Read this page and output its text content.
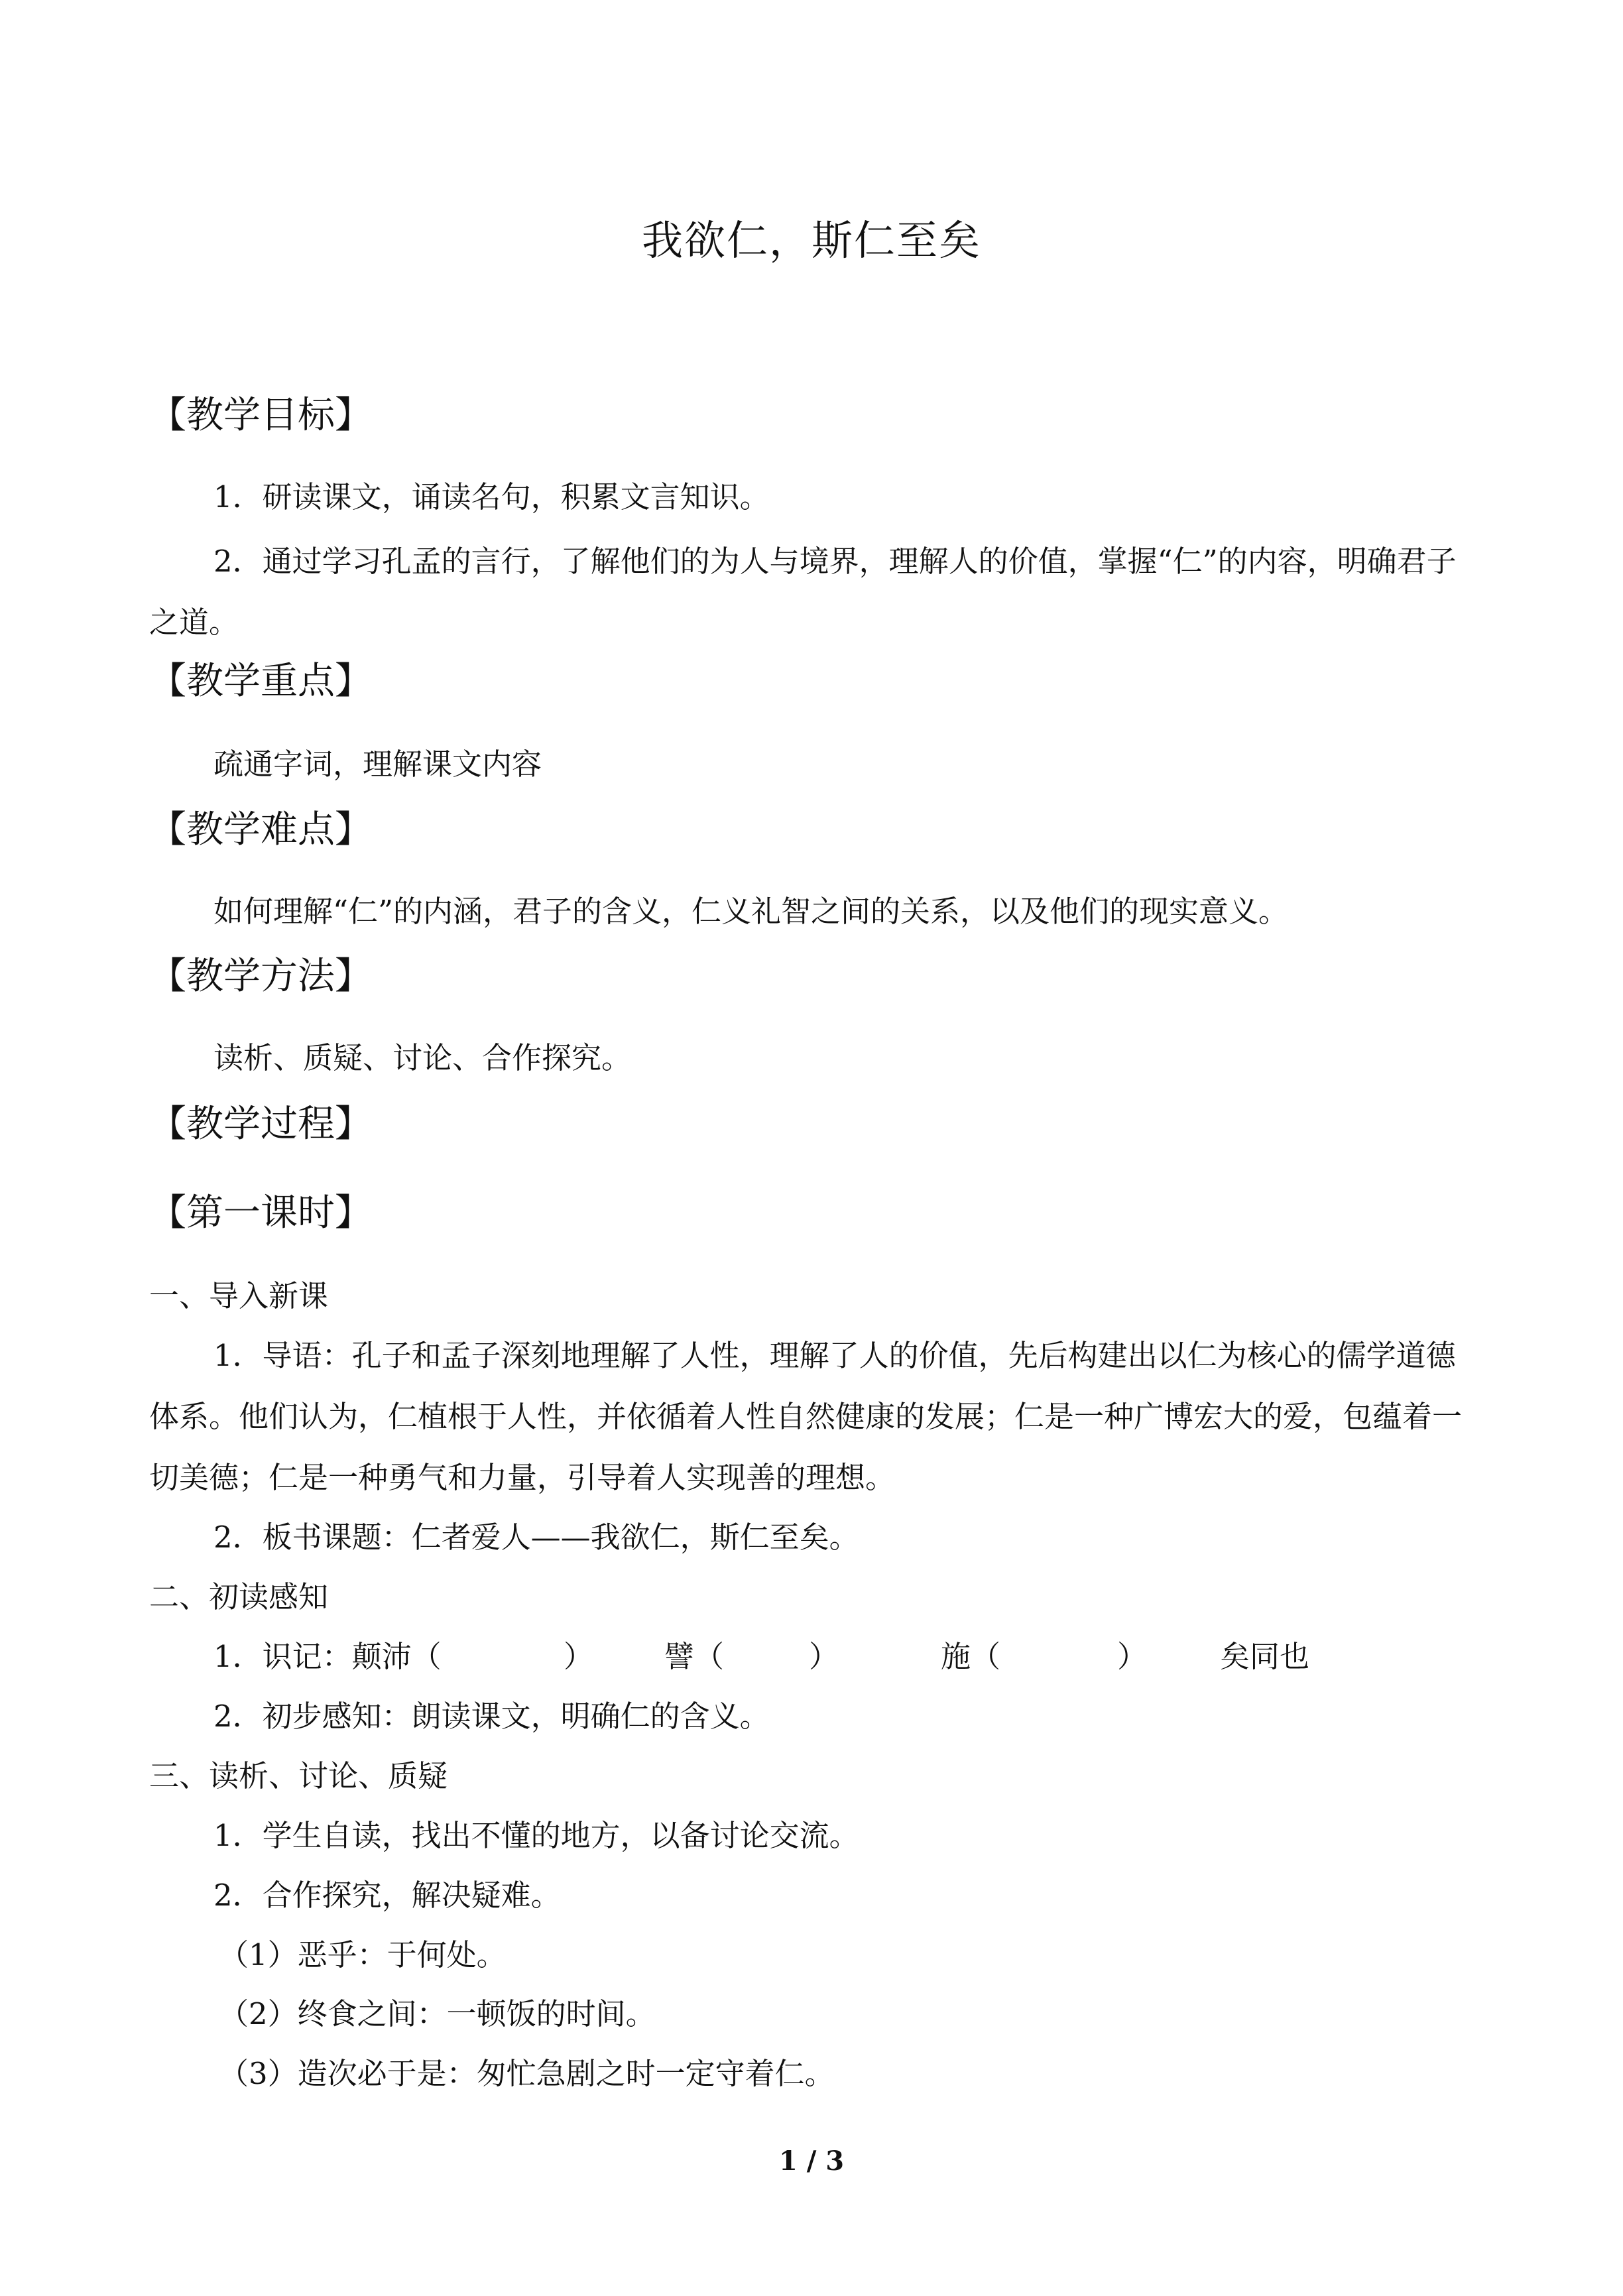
我欲仁，斯仁至矣
【教学目标】
1．研读课文，诵读名句，积累文言知识。
2．通过学习孔孟的言行，了解他们的为人与境界，理解人的价值，掌握“仁”的内容，明确君子之道。
【教学重点】
疏通字词，理解课文内容
【教学难点】
如何理解“仁”的内涵，君子的含义，仁义礼智之间的关系，以及他们的现实意义。
【教学方法】
读析、质疑、讨论、合作探究。
【教学过程】
【第一课时】
一、导入新课
1．导语：孔子和孟子深刻地理解了人性，理解了人的价值，先后构建出以仁为核心的儒学道德体系。他们认为，仁植根于人性，并依循着人性自然健康的发展；仁是一种广博宏大的爱，包蕴着一切美德；仁是一种勇气和力量，引导着人实现善的理想。
2．板书课题：仁者爱人——我欲仁，斯仁至矣。
二、初读感知
1．识记：颠沛（	） 譬（	）	施（	） 矣同也
2．初步感知：朗读课文，明确仁的含义。
三、读析、讨论、质疑
1．学生自读，找出不懂的地方，以备讨论交流。
2．合作探究，解决疑难。
（1）恶乎：于何处。
（2）终食之间：一顿饭的时间。
（3）造次必于是：匆忙急剧之时一定守着仁。
1 / 3
